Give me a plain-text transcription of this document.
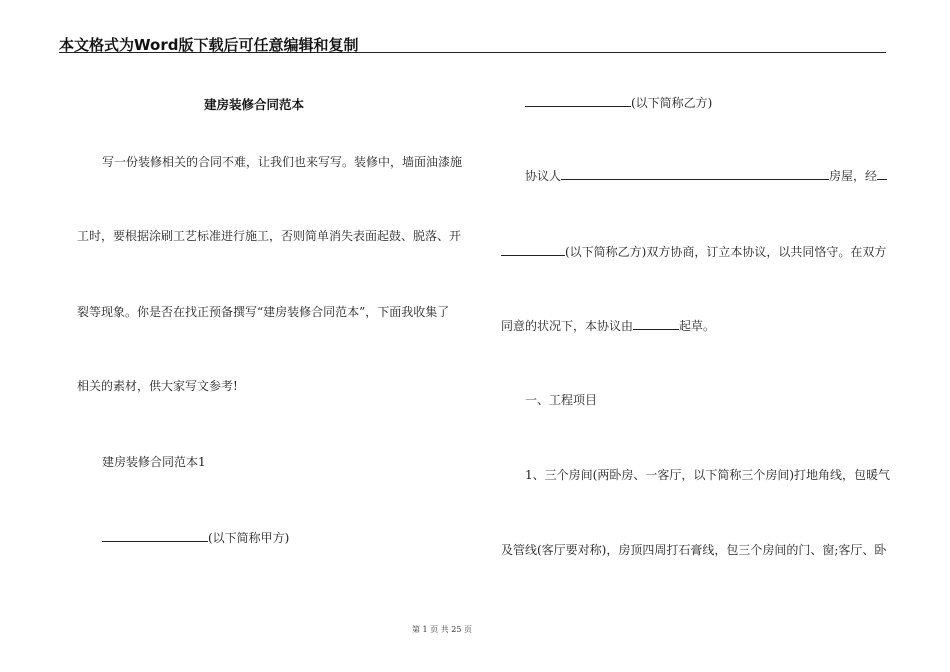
本文格式为Word版下载后可任意编辑和复制
建房装修合同范本
写一份装修相关的合同不难，让我们也来写写。装修中，墙面油漆施
工时，要根据涂刷工艺标准进行施工，否则简单消失表面起鼓、脱落、开
裂等现象。你是否在找正预备撰写“建房装修合同范本”，下面我收集了
相关的素材，供大家写文参考!
建房装修合同范本1
(以下简称甲方)
(以下简称乙方)
协议人	房屋，经
(以下简称乙方)双方协商，订立本协议，以共同恪守。在双方
同意的状况下，本协议由	起草。
一、工程项目
1、三个房间(两卧房、一客厅，以下简称三个房间)打地角线，包暖气
及管线(客厅要对称)，房顶四周打石膏线，包三个房间的门、窗;客厅、卧
第 1 页 共 25 页
